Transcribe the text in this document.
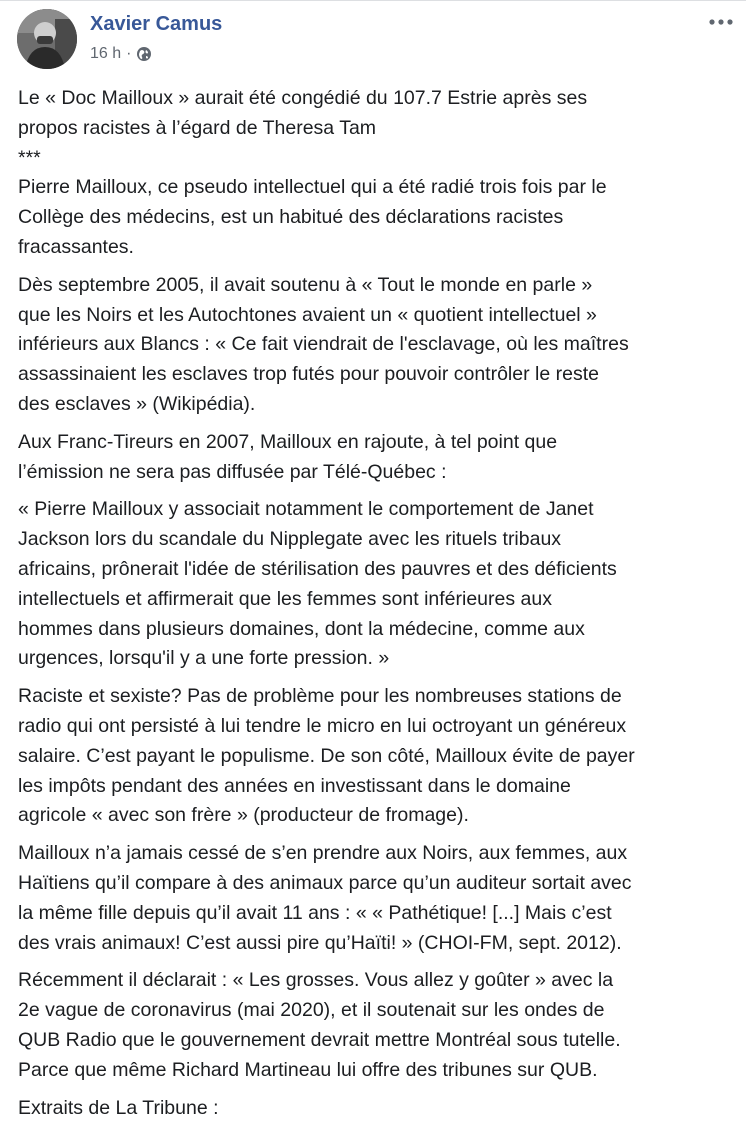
Xavier Camus
16 h ·
Le « Doc Mailloux » aurait été congédié du 107.7 Estrie après ses
propos racistes à l’égard de Theresa Tam
***
Pierre Mailloux, ce pseudo intellectuel qui a été radié trois fois par le
Collège des médecins, est un habitué des déclarations racistes
fracassantes.
Dès septembre 2005, il avait soutenu à « Tout le monde en parle »
que les Noirs et les Autochtones avaient un « quotient intellectuel »
inférieurs aux Blancs : « Ce fait viendrait de l'esclavage, où les maîtres
assassinaient les esclaves trop futés pour pouvoir contrôler le reste
des esclaves » (Wikipédia).
Aux Franc-Tireurs en 2007, Mailloux en rajoute, à tel point que
l’émission ne sera pas diffusée par Télé-Québec :
« Pierre Mailloux y associait notamment le comportement de Janet
Jackson lors du scandale du Nipplegate avec les rituels tribaux
africains, prônerait l'idée de stérilisation des pauvres et des déficients
intellectuels et affirmerait que les femmes sont inférieures aux
hommes dans plusieurs domaines, dont la médecine, comme aux
urgences, lorsqu'il y a une forte pression. »
Raciste et sexiste? Pas de problème pour les nombreuses stations de
radio qui ont persisté à lui tendre le micro en lui octroyant un généreux
salaire. C’est payant le populisme. De son côté, Mailloux évite de payer
les impôts pendant des années en investissant dans le domaine
agricole « avec son frère » (producteur de fromage).
Mailloux n’a jamais cessé de s’en prendre aux Noirs, aux femmes, aux
Haïtiens qu’il compare à des animaux parce qu’un auditeur sortait avec
la même fille depuis qu’il avait 11 ans : « « Pathétique! [...] Mais c’est
des vrais animaux! C’est aussi pire qu’Haïti! » (CHOI-FM, sept. 2012).
Récemment il déclarait : « Les grosses. Vous allez y goûter » avec la
2e vague de coronavirus (mai 2020), et il soutenait sur les ondes de
QUB Radio que le gouvernement devrait mettre Montréal sous tutelle.
Parce que même Richard Martineau lui offre des tribunes sur QUB.
Extraits de La Tribune :
